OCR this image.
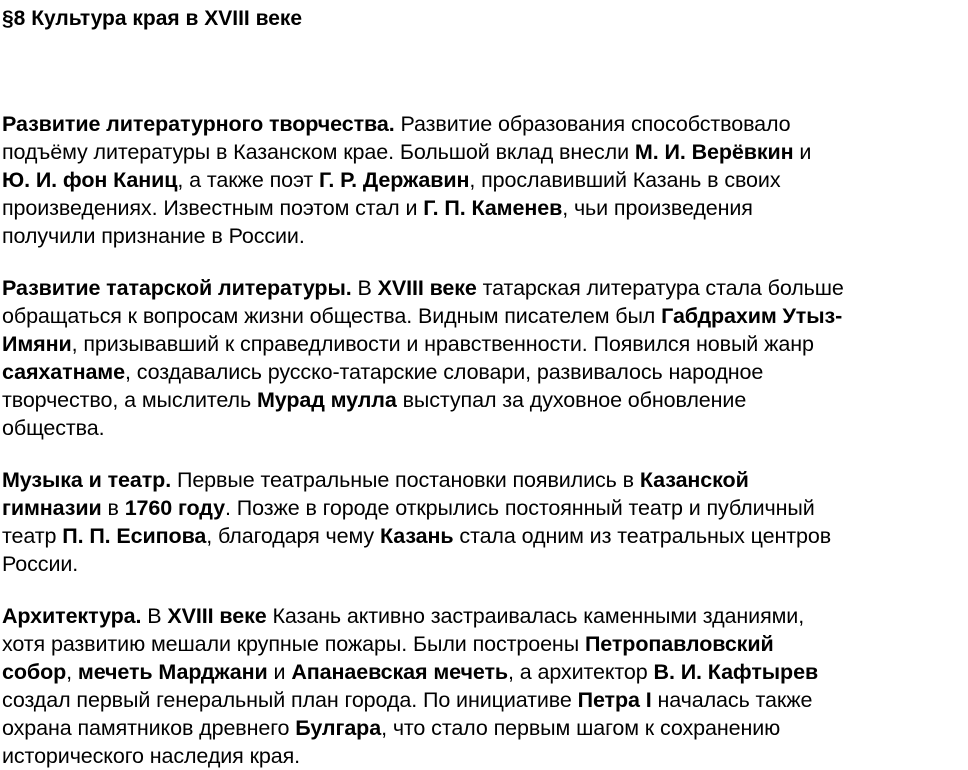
§8 Культура края в XVIII веке

Развитие литературного творчества. Развитие образования способствовало
подъёму литературы в Казанском крае. Большой вклад внесли М. И. Верёвкин и
Ю. И. фон Каниц, а также поэт Г. Р. Державин, прославивший Казань в своих
произведениях. Известным поэтом стал и Г. П. Каменев, чьи произведения
получили признание в России.

Развитие татарской литературы. В XVIII веке татарская литература стала больше
обращаться к вопросам жизни общества. Видным писателем был Габдрахим Утыз-
Имяни, призывавший к справедливости и нравственности. Появился новый жанр
саяхатнаме, создавались русско-татарские словари, развивалось народное
творчество, а мыслитель Мурад мулла выступал за духовное обновление
общества.

Музыка и театр. Первые театральные постановки появились в Казанской
гимназии в 1760 году. Позже в городе открылись постоянный театр и публичный
театр П. П. Есипова, благодаря чему Казань стала одним из театральных центров
России.

Архитектура. В XVIII веке Казань активно застраивалась каменными зданиями,
хотя развитию мешали крупные пожары. Были построены Петропавловский
собор, мечеть Марджани и Апанаевская мечеть, а архитектор В. И. Кафтырев
создал первый генеральный план города. По инициативе Петра I началась также
охрана памятников древнего Булгара, что стало первым шагом к сохранению
исторического наследия края.
